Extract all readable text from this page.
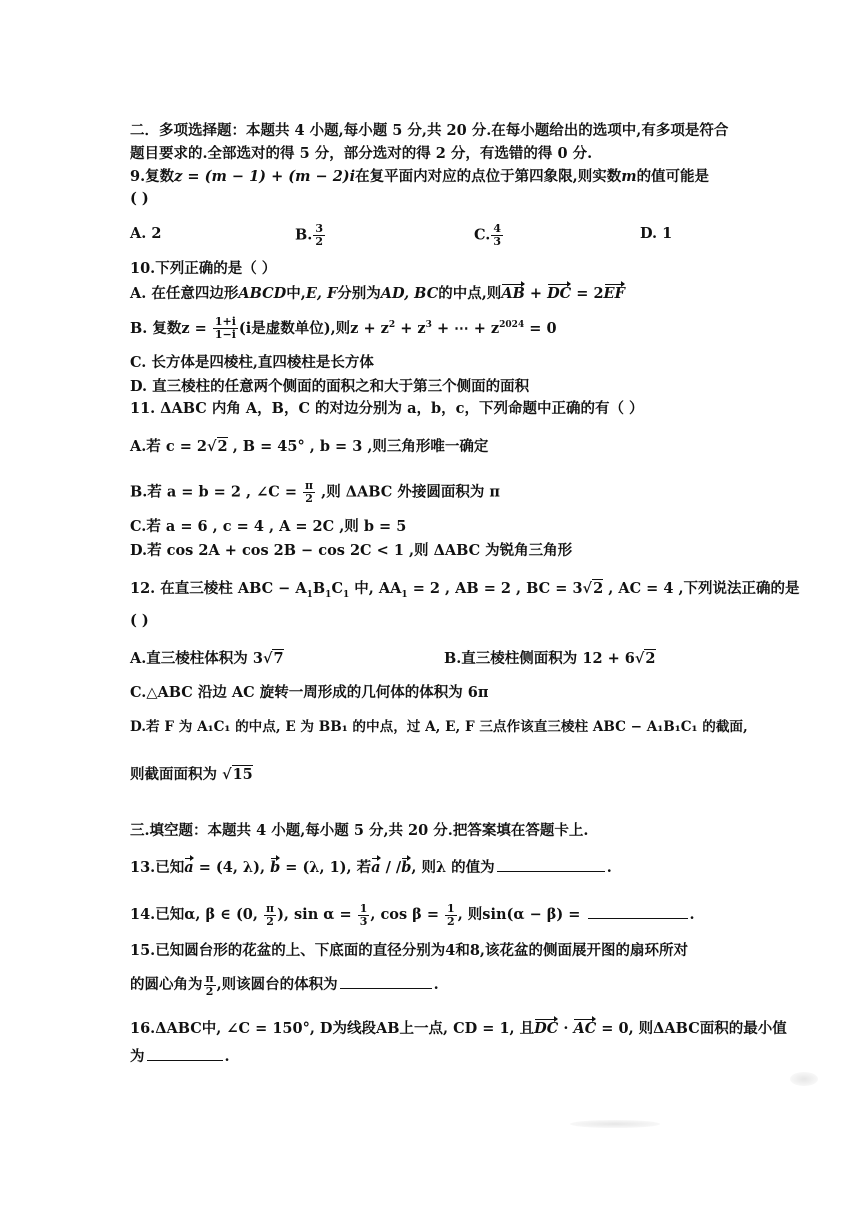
二．多项选择题：本题共 4 小题,每小题 5 分,共 20 分.在每小题给出的选项中,有多项是符合
题目要求的.全部选对的得 5 分，部分选对的得 2 分，有选错的得 0 分.
9.复数z = (m − 1) + (m − 2)i在复平面内对应的点位于第四象限,则实数m的值可能是
( )
A. 2	B. $\frac{3}{2}$	C. $\frac{4}{3}$	D. 1
10.下列正确的是（ ）
A. 在任意四边形ABCD中,E, F分别为AD, BC的中点,则AB + DC = 2EF
B. 复数$z = \frac{1+i}{1-i} (i$是虚数单位),则$z + z^2 + z^3$ + ⋯ + $z^{2024} = 0$
C. 长方体是四棱柱,直四棱柱是长方体
D. 直三棱柱的任意两个侧面的面积之和大于第三个侧面的面积
11. ΔABC 内角 A，B，C 的对边分别为 a，b，c，下列命题中正确的有（ ）
A.若 c = 2√2 , B = 45° , b = 3 ,则三角形唯一确定
B.若 a = b = 2 , ∠C = $\frac{\pi}{2}$ ,则 ΔABC 外接圆面积为 π
C.若 a = 6 , c = 4 , A = 2C ,则 b = 5
D.若 cos 2A + cos 2B − cos 2C < 1 ,则 ΔABC 为锐角三角形
12. 在直三棱柱 ABC − $A_1B_1C_1$ 中, $AA_1 = 2$ , AB = 2 , BC = 3√2 , AC = 4 ,下列说法正确的是
( )
A.直三棱柱体积为 3√7	B.直三棱柱侧面积为 12 + 6√2
C.△ABC 沿边 AC 旋转一周形成的几何体的体积为 6π
D.若 F 为 A₁C₁ 的中点, E 为 BB₁ 的中点，过 A, E, F 三点作该直三棱柱 ABC − A₁B₁C₁ 的截面,
则截面面积为 √15
三.填空题：本题共 4 小题,每小题 5 分,共 20 分.把答案填在答题卡上.
13.已知a = (4, λ), b = (λ, 1), 若a / /b, 则λ 的值为	.
14.已知α, β ∈ (0, $\frac{\pi}{2}$ ), $\sin \alpha = \frac{1}{3}$ , $\cos \beta = \frac{1}{2}$ , 则sin(α − β) =	.
15.已知圆台形的花盆的上、下底面的直径分别为4和8,该花盆的侧面展开图的扇环所对
的圆心角为 $\frac{\pi}{2}$ ,则该圆台的体积为	.
16.ΔABC中, ∠C = 150°, D为线段AB上一点, CD = 1, 且DC · AC = 0, 则ΔABC面积的最小值
为	.
